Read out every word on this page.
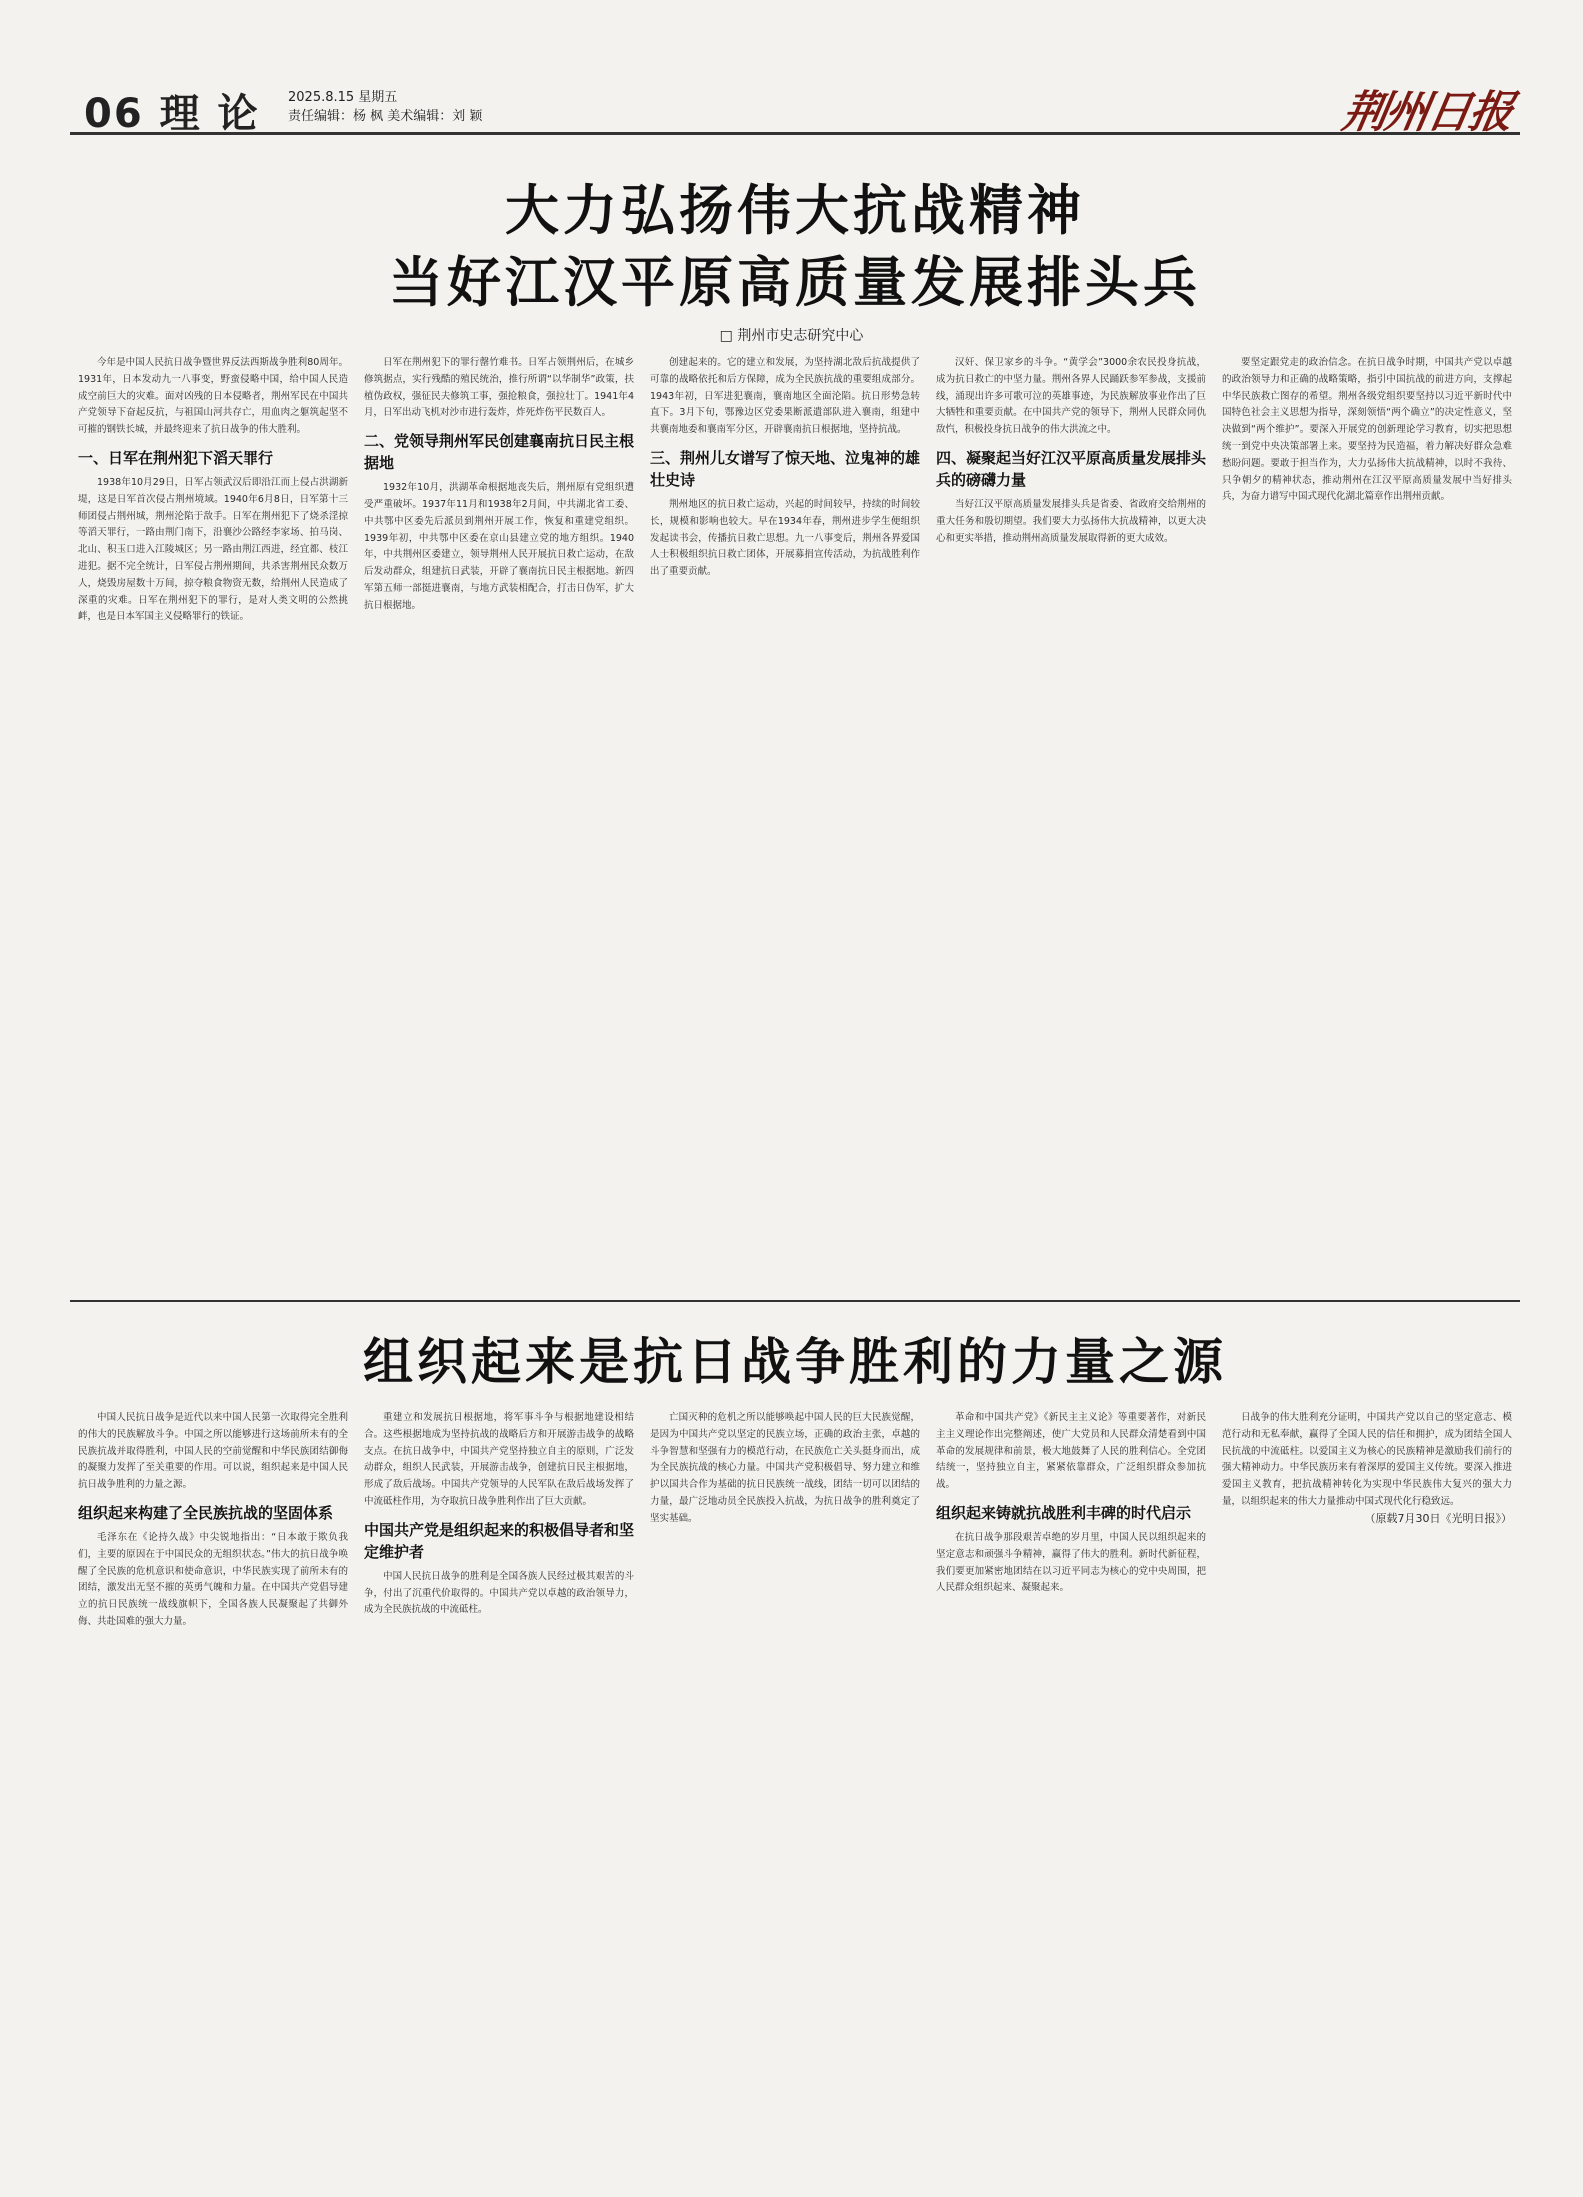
06 理 论 2025.8.15 星期五
责任编辑：杨 枫 美术编辑：刘 颖	荆州日报
大力弘扬伟大抗战精神
当好江汉平原高质量发展排头兵
□ 荆州市史志研究中心

今年是中国人民抗日战争暨世界反法西斯战争胜利80周年。1931年，日本发动九一八事变，野蛮侵略中国，给中国人民造成空前巨大的灾难。面对凶残的日本侵略者，荆州军民在中国共产党领导下奋起反抗，与祖国山河共存亡，用血肉之躯筑起坚不可摧的钢铁长城，并最终迎来了抗日战争的伟大胜利。

一、日军在荆州犯下滔天罪行

1938年10月29日，日军占领武汉后即沿江而上侵占洪湖新堤，这是日军首次侵占荆州境域。1940年6月8日，日军第十三师团侵占荆州城，荆州沦陷于敌手。日军在荆州犯下了烧杀淫掠等滔天罪行，一路由荆门南下，沿襄沙公路经李家场、拍马岗、北山、积玉口进入江陵城区；另一路由荆江西进，经宜都、枝江进犯。据不完全统计，日军侵占荆州期间，共杀害荆州民众数万人，烧毁房屋数十万间，掠夺粮食物资无数，给荆州人民造成了深重的灾难。日军在荆州犯下的罪行，是对人类文明的公然挑衅，也是日本军国主义侵略罪行的铁证。

日军在荆州犯下的罪行罄竹难书。日军占领荆州后，在城乡修筑据点，实行残酷的殖民统治，推行所谓“以华制华”政策，扶植伪政权，强征民夫修筑工事，强抢粮食，强拉壮丁。1941年4月，日军出动飞机对沙市进行轰炸，炸死炸伤平民数百人。

二、党领导荆州军民创建襄南抗日民主根据地

1932年10月，洪湖革命根据地丧失后，荆州原有党组织遭受严重破坏。1937年11月和1938年2月间，中共湖北省工委、中共鄂中区委先后派员到荆州开展工作，恢复和重建党组织。1939年初，中共鄂中区委在京山县建立党的地方组织。1940年，中共荆州区委建立，领导荆州人民开展抗日救亡运动，在敌后发动群众，组建抗日武装，开辟了襄南抗日民主根据地。新四军第五师一部挺进襄南，与地方武装相配合，打击日伪军，扩大抗日根据地。

创建起来的。它的建立和发展，为坚持湖北敌后抗战提供了可靠的战略依托和后方保障，成为全民族抗战的重要组成部分。1943年初，日军进犯襄南，襄南地区全面沦陷。抗日形势急转直下。3月下旬，鄂豫边区党委果断派遣部队进入襄南，组建中共襄南地委和襄南军分区，开辟襄南抗日根据地，坚持抗战。

三、荆州儿女谱写了惊天地、泣鬼神的雄壮史诗

荆州地区的抗日救亡运动，兴起的时间较早，持续的时间较长，规模和影响也较大。早在1934年春，荆州进步学生便组织发起读书会，传播抗日救亡思想。九一八事变后，荆州各界爱国人士积极组织抗日救亡团体，开展募捐宣传活动，为抗战胜利作出了重要贡献。

汉奸、保卫家乡的斗争。“黄学会”3000余农民投身抗战，成为抗日救亡的中坚力量。荆州各界人民踊跃参军参战，支援前线，涌现出许多可歌可泣的英雄事迹，为民族解放事业作出了巨大牺牲和重要贡献。在中国共产党的领导下，荆州人民群众同仇敌忾，积极投身抗日战争的伟大洪流之中。

四、凝聚起当好江汉平原高质量发展排头兵的磅礴力量

当好江汉平原高质量发展排头兵是省委、省政府交给荆州的重大任务和殷切期望。我们要大力弘扬伟大抗战精神，以更大决心和更实举措，推动荆州高质量发展取得新的更大成效。

要坚定跟党走的政治信念。在抗日战争时期，中国共产党以卓越的政治领导力和正确的战略策略，指引中国抗战的前进方向，支撑起中华民族救亡图存的希望。荆州各级党组织要坚持以习近平新时代中国特色社会主义思想为指导，深刻领悟“两个确立”的决定性意义，坚决做到“两个维护”。要深入开展党的创新理论学习教育，切实把思想统一到党中央决策部署上来。要坚持为民造福，着力解决好群众急难愁盼问题。要敢于担当作为，大力弘扬伟大抗战精神，以时不我待、只争朝夕的精神状态，推动荆州在江汉平原高质量发展中当好排头兵，为奋力谱写中国式现代化湖北篇章作出荆州贡献。

组织起来是抗日战争胜利的力量之源

中国人民抗日战争是近代以来中国人民第一次取得完全胜利的伟大的民族解放斗争。中国之所以能够进行这场前所未有的全民族抗战并取得胜利，中国人民的空前觉醒和中华民族团结御侮的凝聚力发挥了至关重要的作用。可以说，组织起来是中国人民抗日战争胜利的力量之源。

组织起来构建了全民族抗战的坚固体系

毛泽东在《论持久战》中尖锐地指出：“日本敢于欺负我们，主要的原因在于中国民众的无组织状态。”伟大的抗日战争唤醒了全民族的危机意识和使命意识，中华民族实现了前所未有的团结，激发出无坚不摧的英勇气魄和力量。在中国共产党倡导建立的抗日民族统一战线旗帜下，全国各族人民凝聚起了共御外侮、共赴国难的强大力量。

重建立和发展抗日根据地，将军事斗争与根据地建设相结合。这些根据地成为坚持抗战的战略后方和开展游击战争的战略支点。在抗日战争中，中国共产党坚持独立自主的原则，广泛发动群众，组织人民武装，开展游击战争，创建抗日民主根据地，形成了敌后战场。中国共产党领导的人民军队在敌后战场发挥了中流砥柱作用，为夺取抗日战争胜利作出了巨大贡献。

中国共产党是组织起来的积极倡导者和坚定维护者

中国人民抗日战争的胜利是全国各族人民经过极其艰苦的斗争，付出了沉重代价取得的。中国共产党以卓越的政治领导力，成为全民族抗战的中流砥柱。

亡国灭种的危机之所以能够唤起中国人民的巨大民族觉醒，是因为中国共产党以坚定的民族立场，正确的政治主张，卓越的斗争智慧和坚强有力的模范行动，在民族危亡关头挺身而出，成为全民族抗战的核心力量。中国共产党积极倡导、努力建立和维护以国共合作为基础的抗日民族统一战线，团结一切可以团结的力量，最广泛地动员全民族投入抗战，为抗日战争的胜利奠定了坚实基础。

革命和中国共产党》《新民主主义论》等重要著作，对新民主主义理论作出完整阐述，使广大党员和人民群众清楚看到中国革命的发展规律和前景，极大地鼓舞了人民的胜利信心。全党团结统一，坚持独立自主，紧紧依靠群众，广泛组织群众参加抗战。

组织起来铸就抗战胜利丰碑的时代启示

在抗日战争那段艰苦卓绝的岁月里，中国人民以组织起来的坚定意志和顽强斗争精神，赢得了伟大的胜利。新时代新征程，我们要更加紧密地团结在以习近平同志为核心的党中央周围，把人民群众组织起来、凝聚起来。

日战争的伟大胜利充分证明，中国共产党以自己的坚定意志、模范行动和无私奉献，赢得了全国人民的信任和拥护，成为团结全国人民抗战的中流砥柱。以爱国主义为核心的民族精神是激励我们前行的强大精神动力。中华民族历来有着深厚的爱国主义传统。要深入推进爱国主义教育，把抗战精神转化为实现中华民族伟大复兴的强大力量，以组织起来的伟大力量推动中国式现代化行稳致远。

（原载7月30日《光明日报》）
